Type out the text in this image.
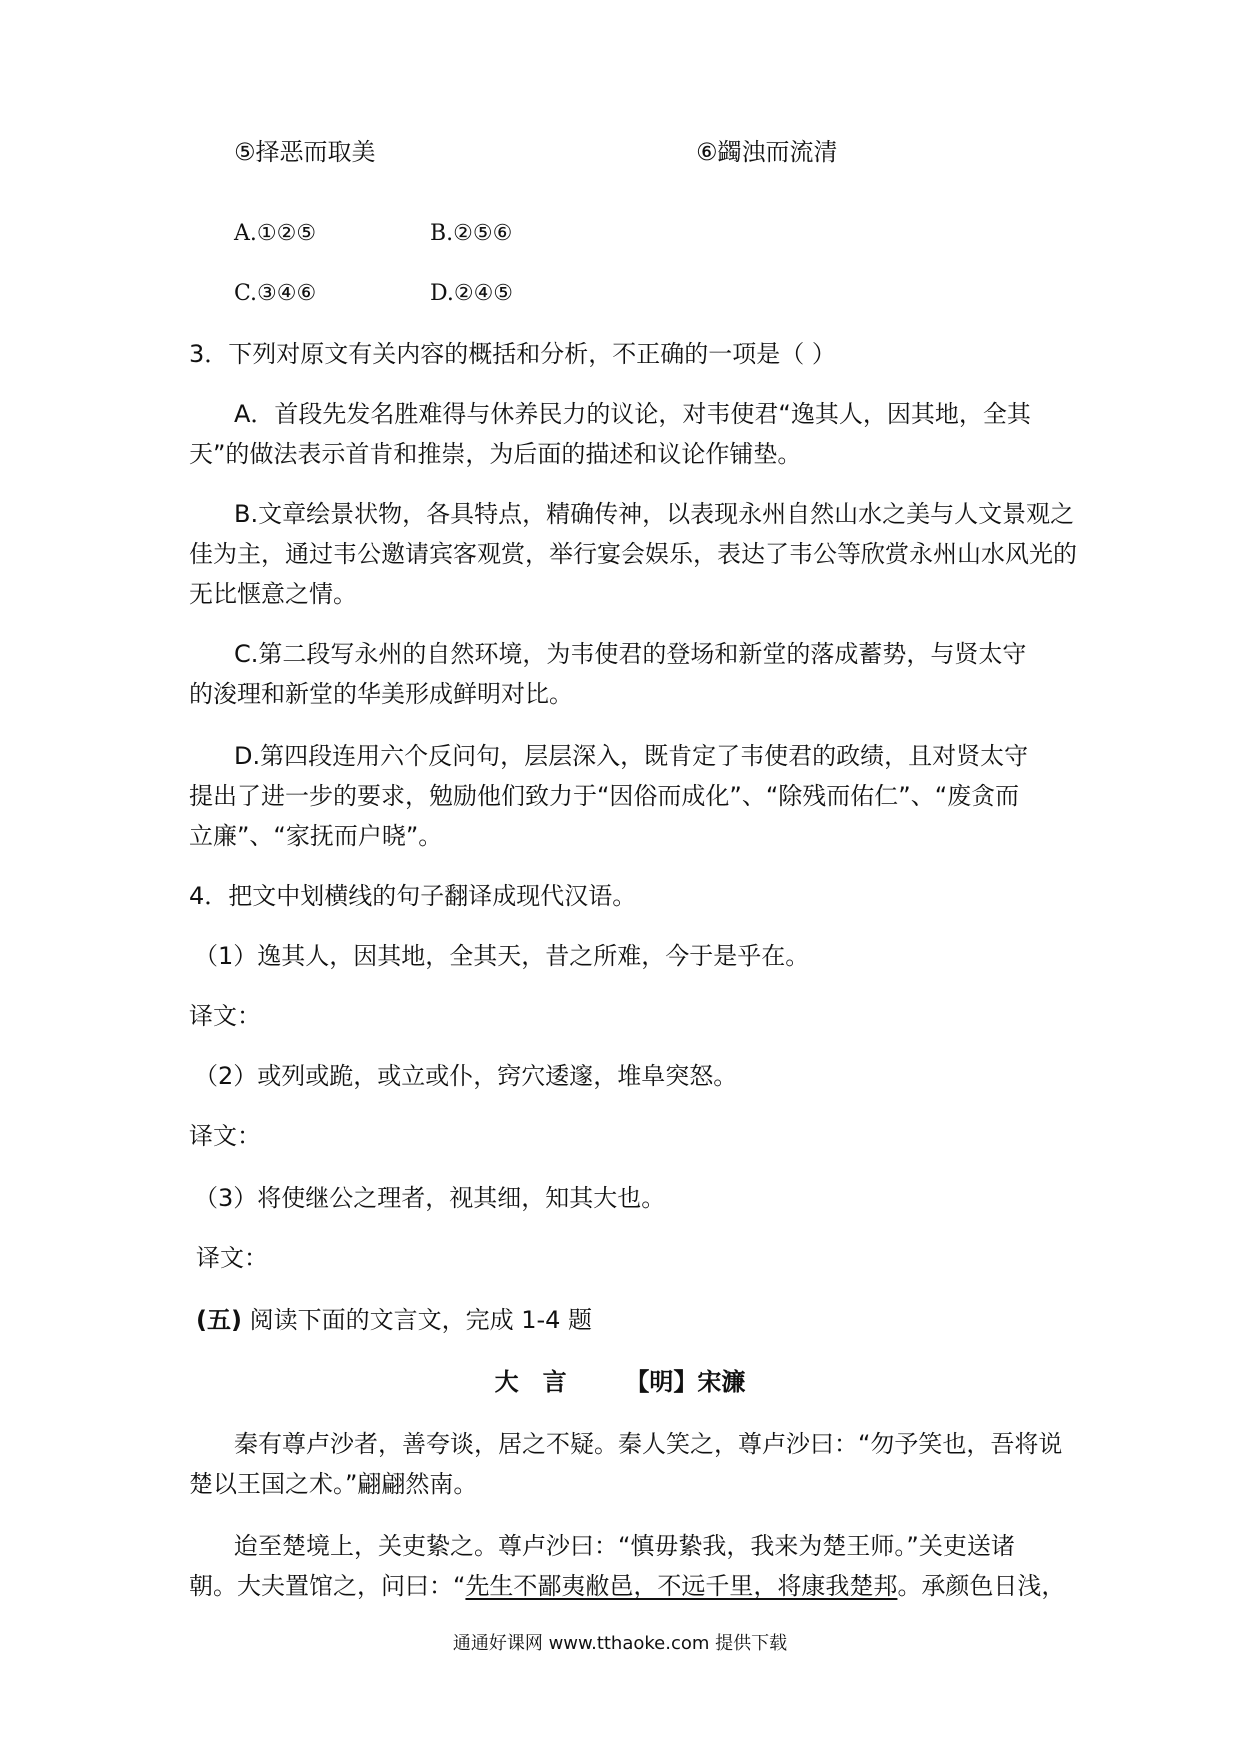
⑤择恶而取美	⑥蠲浊而流清
A.①②⑤	B.②⑤⑥
C.③④⑥	D.②④⑤
3．下列对原文有关内容的概括和分析，不正确的一项是（ ）
A．首段先发名胜难得与休养民力的议论，对韦使君“逸其人，因其地，全其
天”的做法表示首肯和推崇，为后面的描述和议论作铺垫。
B.文章绘景状物，各具特点，精确传神，以表现永州自然山水之美与人文景观之
佳为主，通过韦公邀请宾客观赏，举行宴会娱乐，表达了韦公等欣赏永州山水风光的
无比惬意之情。
C.第二段写永州的自然环境，为韦使君的登场和新堂的落成蓄势，与贤太守
的浚理和新堂的华美形成鲜明对比。
D.第四段连用六个反问句，层层深入，既肯定了韦使君的政绩，且对贤太守
提出了进一步的要求，勉励他们致力于“因俗而成化”、“除残而佑仁”、“废贪而
立廉”、“家抚而户晓”。
4．把文中划横线的句子翻译成现代汉语。
（1）逸其人，因其地，全其天，昔之所难，今于是乎在。
译文：
（2）或列或跪，或立或仆，窍穴逶邃，堆阜突怒。
译文：
（3）将使继公之理者，视其细，知其大也。
译文：
(五) 阅读下面的文言文，完成 1-4 题
大　言 【明】宋濂
秦有尊卢沙者，善夸谈，居之不疑。秦人笑之，尊卢沙曰：“勿予笑也，吾将说
楚以王国之术。”翩翩然南。
迨至楚境上，关吏絷之。尊卢沙曰：“慎毋絷我，我来为楚王师。”关吏送诸
朝。大夫置馆之，问曰：“先生不鄙夷敝邑，不远千里，将康我楚邦。承颜色日浅，
通通好课网 www.tthaoke.com 提供下载
